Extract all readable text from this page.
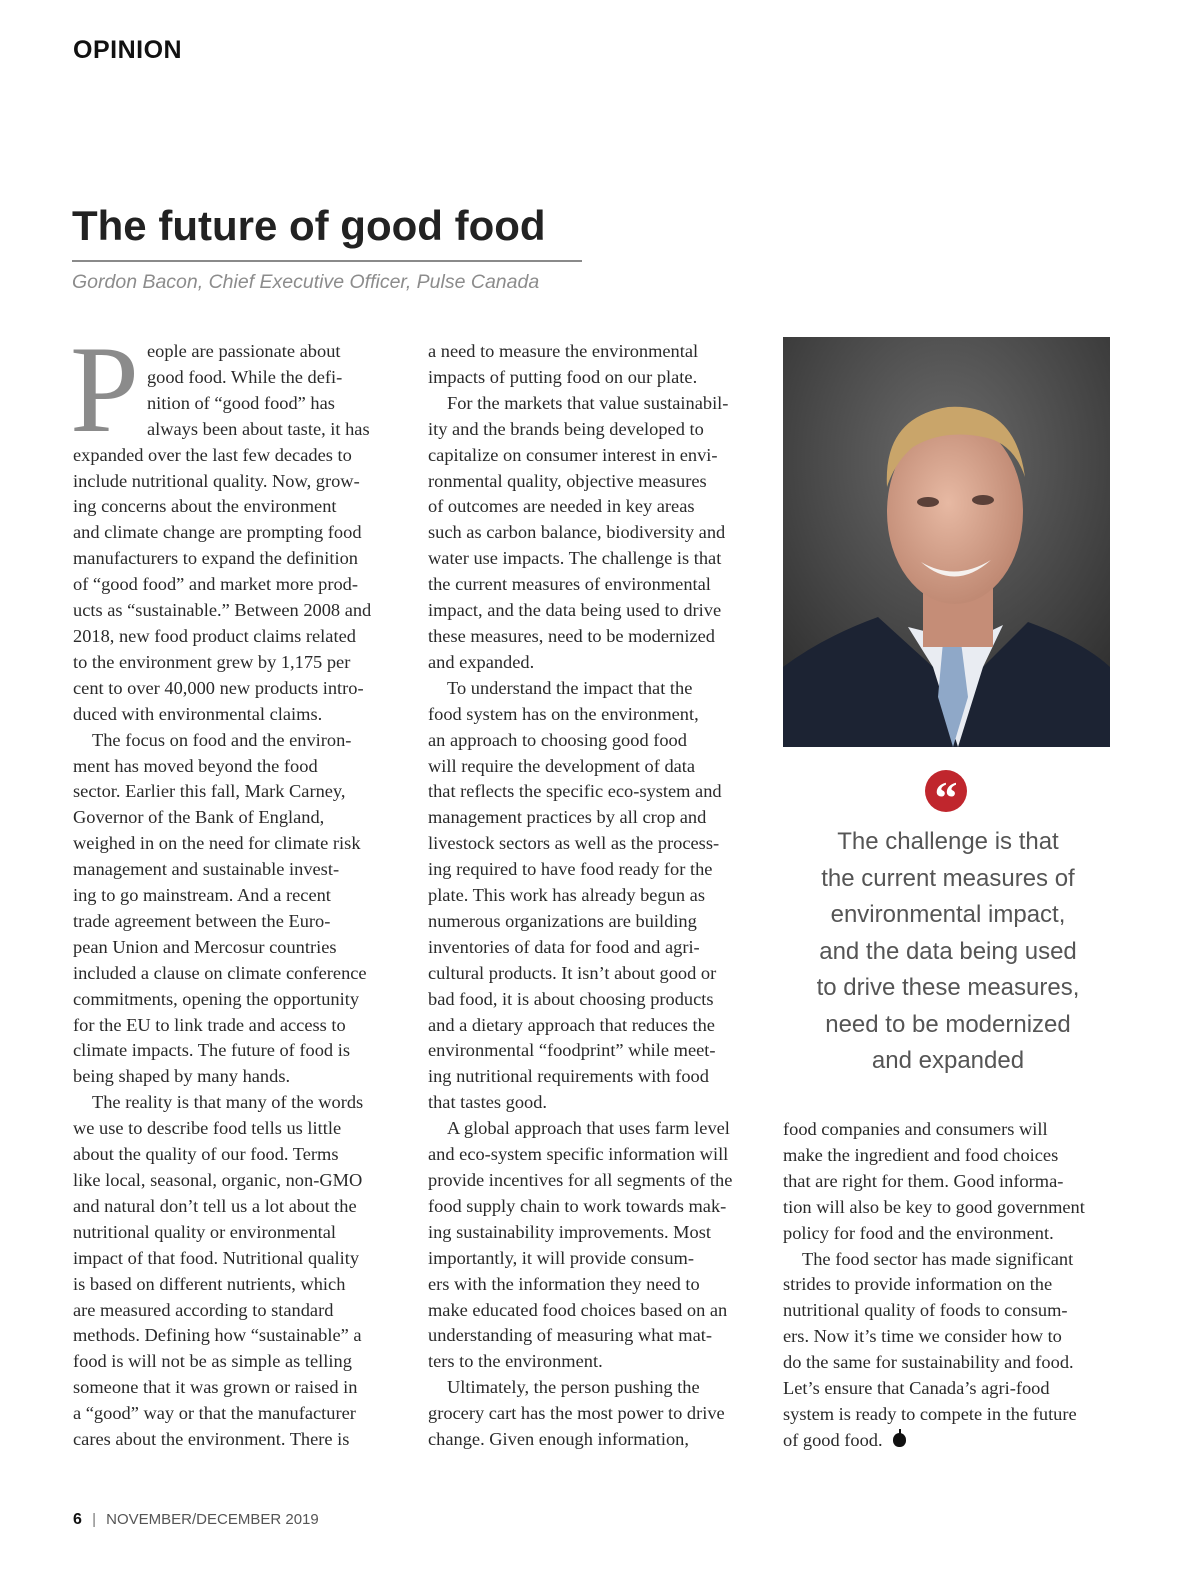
OPINION
The future of good food
Gordon Bacon, Chief Executive Officer, Pulse Canada

P eople are passionate about
good food. While the defi-
nition of “good food” has
always been about taste, it has
expanded over the last few decades to
include nutritional quality. Now, grow-
ing concerns about the environment
and climate change are prompting food
manufacturers to expand the definition
of “good food” and market more prod-
ucts as “sustainable.” Between 2008 and
2018, new food product claims related
to the environment grew by 1,175 per
cent to over 40,000 new products intro-
duced with environmental claims.

The focus on food and the environ-
ment has moved beyond the food
sector. Earlier this fall, Mark Carney,
Governor of the Bank of England,
weighed in on the need for climate risk
management and sustainable invest-
ing to go mainstream. And a recent
trade agreement between the Euro-
pean Union and Mercosur countries
included a clause on climate conference
commitments, opening the opportunity
for the EU to link trade and access to
climate impacts. The future of food is
being shaped by many hands.

The reality is that many of the words
we use to describe food tells us little
about the quality of our food. Terms
like local, seasonal, organic, non-GMO
and natural don’t tell us a lot about the
nutritional quality or environmental
impact of that food. Nutritional quality
is based on different nutrients, which
are measured according to standard
methods. Defining how “sustainable” a
food is will not be as simple as telling
someone that it was grown or raised in
a “good” way or that the manufacturer
cares about the environment. There is

a need to measure the environmental
impacts of putting food on our plate.

For the markets that value sustainabil-
ity and the brands being developed to
capitalize on consumer interest in envi-
ronmental quality, objective measures
of outcomes are needed in key areas
such as carbon balance, biodiversity and
water use impacts. The challenge is that
the current measures of environmental
impact, and the data being used to drive
these measures, need to be modernized
and expanded.

To understand the impact that the
food system has on the environment,
an approach to choosing good food
will require the development of data
that reflects the specific eco-system and
management practices by all crop and
livestock sectors as well as the process-
ing required to have food ready for the
plate. This work has already begun as
numerous organizations are building
inventories of data for food and agri-
cultural products. It isn’t about good or
bad food, it is about choosing products
and a dietary approach that reduces the
environmental “foodprint” while meet-
ing nutritional requirements with food
that tastes good.

A global approach that uses farm level
and eco-system specific information will
provide incentives for all segments of the
food supply chain to work towards mak-
ing sustainability improvements. Most
importantly, it will provide consum-
ers with the information they need to
make educated food choices based on an
understanding of measuring what mat-
ters to the environment.

Ultimately, the person pushing the
grocery cart has the most power to drive
change. Given enough information,

“
The challenge is that
the current measures of
environmental impact,
and the data being used
to drive these measures,
need to be modernized
and expanded

food companies and consumers will
make the ingredient and food choices
that are right for them. Good informa-
tion will also be key to good government
policy for food and the environment.

The food sector has made significant
strides to provide information on the
nutritional quality of foods to consum-
ers. Now it’s time we consider how to
do the same for sustainability and food.
Let’s ensure that Canada’s agri-food
system is ready to compete in the future
of good food.

6 | NOVEMBER/DECEMBER 2019
